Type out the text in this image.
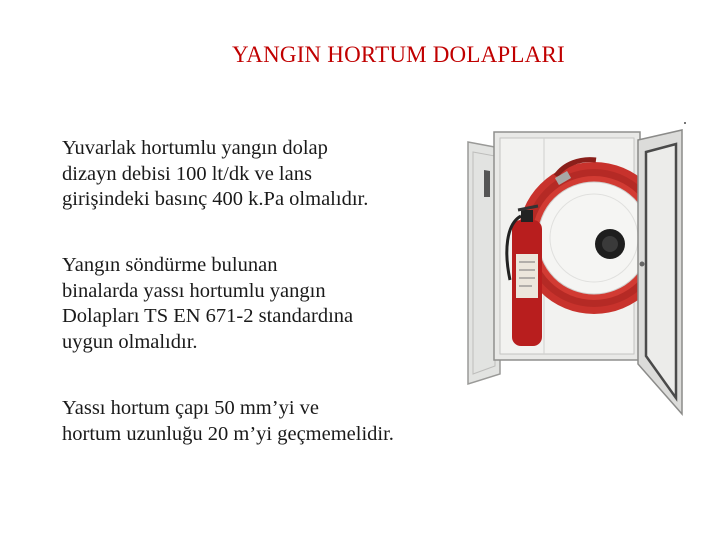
YANGIN HORTUM DOLAPLARI
Yuvarlak hortumlu yangın dolap
dizayn debisi 100 lt/dk ve lans
girişindeki basınç 400 k.Pa olmalıdır.
Yangın söndürme bulunan
binalarda yassı hortumlu yangın
Dolapları TS EN 671-2 standardına
uygun olmalıdır.
Yassı hortum çapı 50 mm’yi ve
hortum uzunluğu 20 m’yi geçmemelidir.
